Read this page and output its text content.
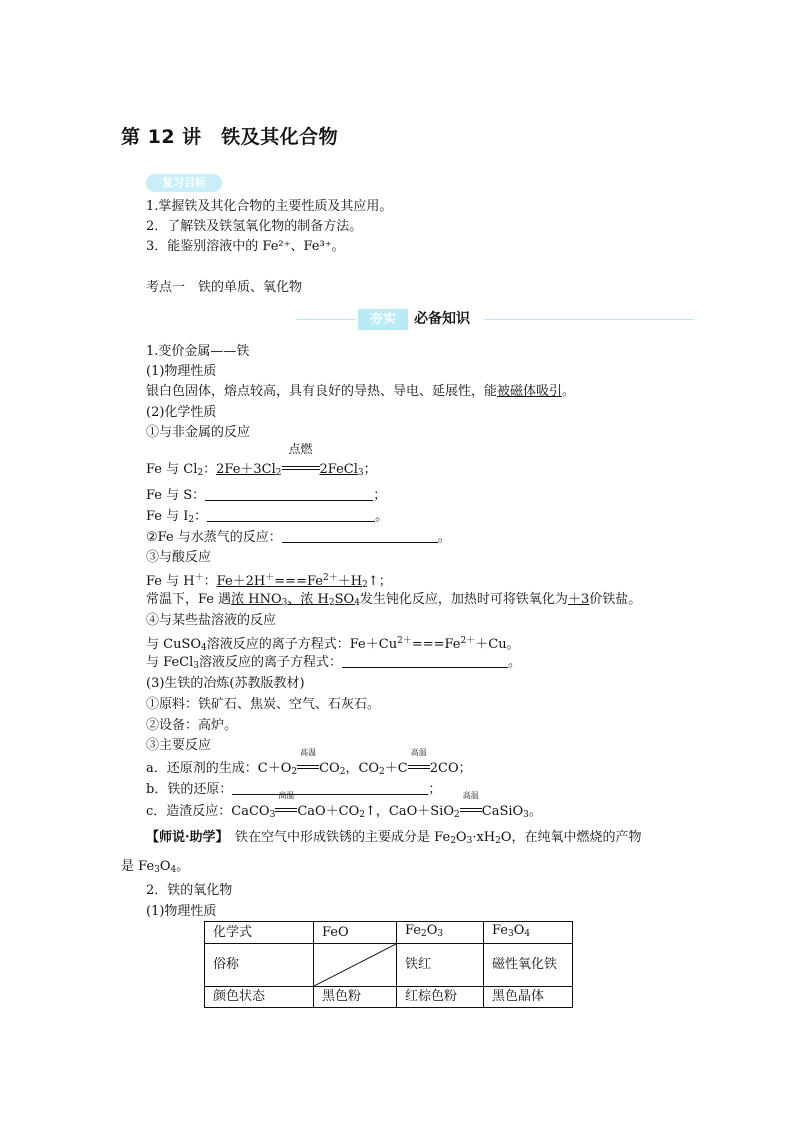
第 12 讲　铁及其化合物
复习目标
1.掌握铁及其化合物的主要性质及其应用。
2．了解铁及铁氢氧化物的制备方法。
3．能鉴别溶液中的 Fe²⁺、Fe³⁺。
考点一　铁的单质、氧化物
夯实	必备知识
1.变价金属——铁
(1)物理性质
银白色固体，熔点较高，具有良好的导热、导电、延展性，能被磁体吸引。
(2)化学性质
①与非金属的反应
Fe 与 $Cl_2$：$2Fe+3Cl_2$
点燃
2FeCl$_3$；
Fe 与 S：	；
Fe 与 $I_2$：	。
②Fe 与水蒸气的反应：	。
③与酸反应
Fe 与 H＋：$Fe+2H^+===Fe^{2+}+H_2↑$；
常温下，Fe 遇浓 $HNO_3$、浓 $H_2SO_4$发生钝化反应，加热时可将铁氧化为＋3价铁盐。
④与某些盐溶液的反应
与 CuSO$_4$溶液反应的离子方程式：$Fe+Cu^{2+}===Fe^{2+}+Cu$。
与 FeCl$_3$溶液反应的离子方程式：	。
(3)生铁的冶炼(苏教版教材)
①原料：铁矿石、焦炭、空气、石灰石。
②设备：高炉。
③主要反应
a．还原剂的生成：$C+O_2$
高温
$CO_2$，$CO_2+C$
高温
2CO；
b．铁的还原：	；
c．造渣反应：CaCO$_3$
高温
$CaO+CO_2↑$，CaO＋SiO$_2$
高温
CaSiO$_3$。
【师说·助学】　 铁在空气中形成铁锈的主要成分是 $Fe_2O_3\cdot xH_2O$，在纯氧中燃烧的产物
是 $Fe_3O_4$。
2．铁的氧化物
(1)物理性质
化学式	FeO	$Fe_2O_3$	$Fe_3O_4$
俗称		铁红	磁性氧化铁
颜色状态	黑色粉	红棕色粉	黑色晶体
